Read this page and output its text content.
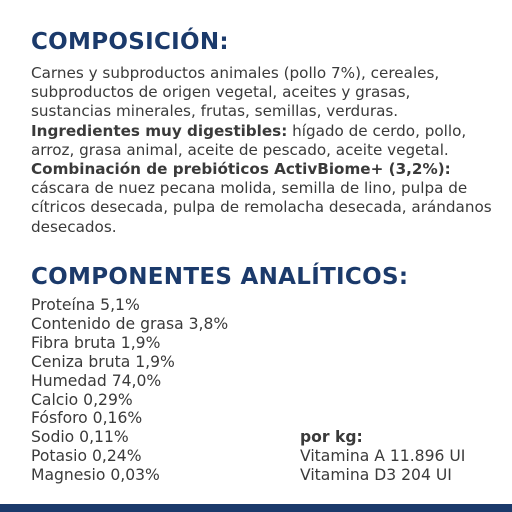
COMPOSICIÓN:

Carnes y subproductos animales (pollo 7%), cereales, subproductos de origen vegetal, aceites y grasas, sustancias minerales, frutas, semillas, verduras. Ingredientes muy digestibles: hígado de cerdo, pollo, arroz, grasa animal, aceite de pescado, aceite vegetal. Combinación de prebióticos ActivBiome+ (3,2%): cáscara de nuez pecana molida, semilla de lino, pulpa de cítricos desecada, pulpa de remolacha desecada, arándanos desecados.

COMPONENTES ANALÍTICOS:
Proteína 5,1%
Contenido de grasa 3,8%
Fibra bruta 1,9%
Ceniza bruta 1,9%
Humedad 74,0%
Calcio 0,29%
Fósforo 0,16%
Sodio 0,11%
Potasio 0,24%
Magnesio 0,03%
por kg:
Vitamina A 11.896 UI
Vitamina D3 204 UI
